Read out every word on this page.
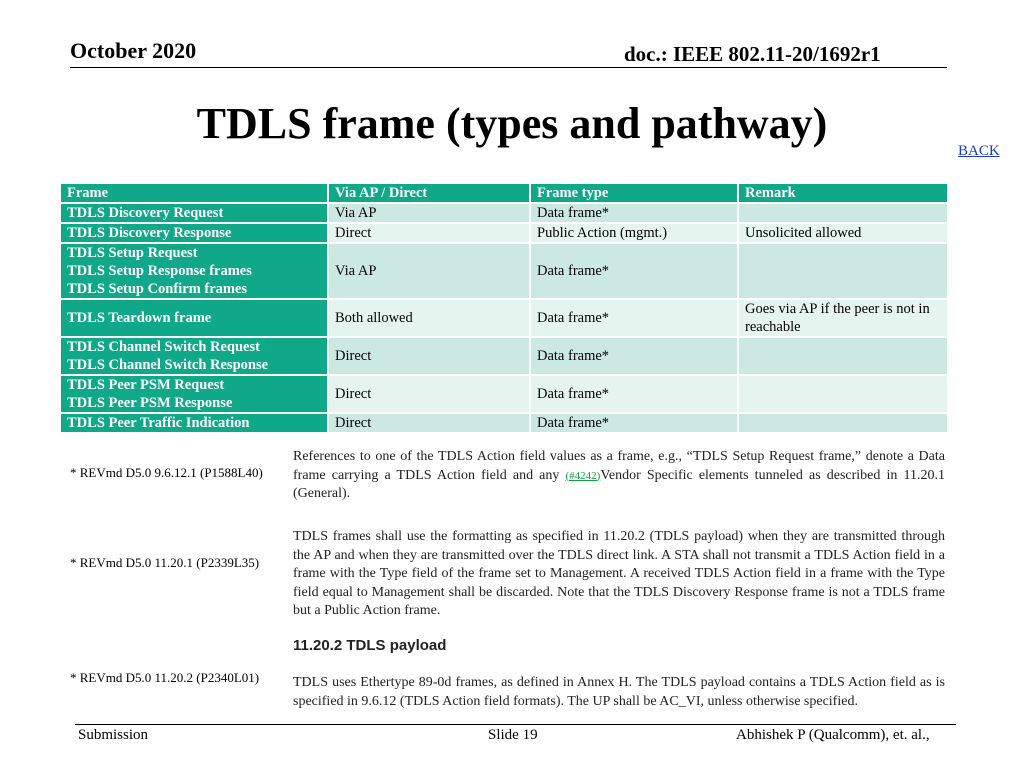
October 2020	doc.: IEEE 802.11-20/1692r1
TDLS frame (types and pathway)
BACK
Frame	Via AP / Direct	Frame type	Remark

TDLS Discovery Request	Via AP	Data frame*	

TDLS Discovery Response	Direct	Public Action (mgmt.)	Unsolicited allowed

TDLS Setup Request
TDLS Setup Response frames
TDLS Setup Confirm frames	Via AP	Data frame*	

TDLS Teardown frame	Both allowed	Data frame*	Goes via AP if the peer is not in reachable

TDLS Channel Switch Request
TDLS Channel Switch Response	Direct	Data frame*	

TDLS Peer PSM Request
TDLS Peer PSM Response	Direct	Data frame*	

TDLS Peer Traffic Indication	Direct	Data frame*	
* REVmd D5.0 9.6.12.1 (P1588L40)
References to one of the TDLS Action field values as a frame, e.g., “TDLS Setup Request frame,” denote a Data frame carrying a TDLS Action field and any (#4242)Vendor Specific elements tunneled as described in 11.20.1 (General).
* REVmd D5.0 11.20.1 (P2339L35)
TDLS frames shall use the formatting as specified in 11.20.2 (TDLS payload) when they are transmitted through the AP and when they are transmitted over the TDLS direct link. A STA shall not transmit a TDLS Action field in a frame with the Type field of the frame set to Management. A received TDLS Action field in a frame with the Type field equal to Management shall be discarded. Note that the TDLS Discovery Response frame is not a TDLS frame but a Public Action frame.
11.20.2 TDLS payload
* REVmd D5.0 11.20.2 (P2340L01) TDLS uses Ethertype 89-0d frames, as defined in Annex H. The TDLS payload contains a TDLS Action field as is specified in 9.6.12 (TDLS Action field formats). The UP shall be AC_VI, unless otherwise specified.
Submission	Slide 19	Abhishek P (Qualcomm), et. al.,
